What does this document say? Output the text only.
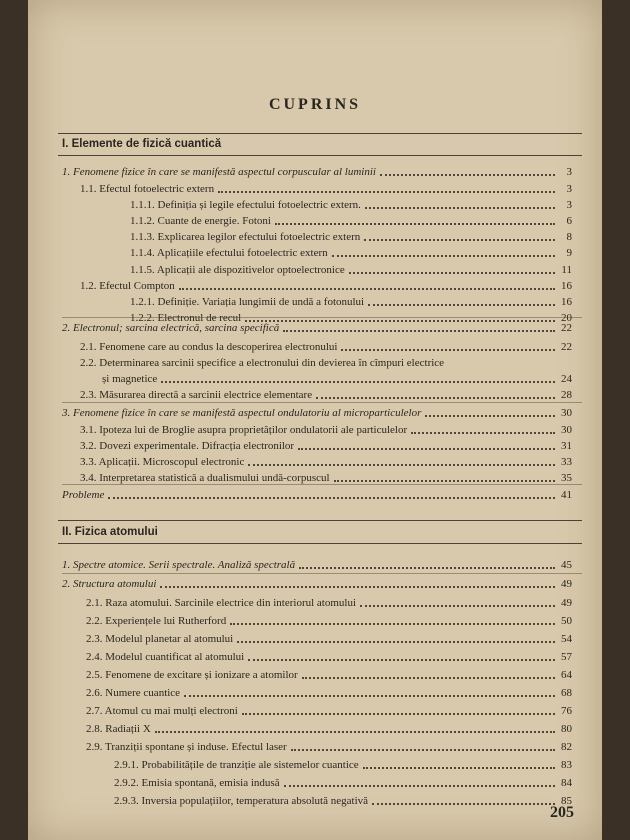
CUPRINS
I. Elemente de fizică cuantică
1. Fenomene fizice în care se manifestă aspectul corpuscular al luminii	3
1.1. Efectul fotoelectric extern	3
1.1.1. Definiția și legile efectului fotoelectric extern.	3
1.1.2. Cuante de energie. Fotoni	6
1.1.3. Explicarea legilor efectului fotoelectric extern	8
1.1.4. Aplicațiile efectului fotoelectric extern	9
1.1.5. Aplicații ale dispozitivelor optoelectronice	11
1.2. Efectul Compton	16
1.2.1. Definiție. Variația lungimii de undă a fotonului	16
1.2.2. Electronul de recul	20
2. Electronul; sarcina electrică, sarcina specifică	22
2.1. Fenomene care au condus la descoperirea electronului	22
2.2. Determinarea sarcinii specifice a electronului din devierea în cîmpuri electrice
și magnetice	24
2.3. Măsurarea directă a sarcinii electrice elementare	28
3. Fenomene fizice în care se manifestă aspectul ondulatoriu al microparticulelor	30
3.1. Ipoteza lui de Broglie asupra proprietăților ondulatorii ale particulelor	30
3.2. Dovezi experimentale. Difracția electronilor	31
3.3. Aplicații. Microscopul electronic	33
3.4. Interpretarea statistică a dualismului undă-corpuscul	35
Probleme	41
II. Fizica atomului
1. Spectre atomice. Serii spectrale. Analiză spectrală	45
2. Structura atomului	49
2.1. Raza atomului. Sarcinile electrice din interiorul atomului	49
2.2. Experiențele lui Rutherford	50
2.3. Modelul planetar al atomului	54
2.4. Modelul cuantificat al atomului	57
2.5. Fenomene de excitare și ionizare a atomilor	64
2.6. Numere cuantice	68
2.7. Atomul cu mai mulți electroni	76
2.8. Radiații X	80
2.9. Tranziții spontane și induse. Efectul laser	82
2.9.1. Probabilitățile de tranziție ale sistemelor cuantice	83
2.9.2. Emisia spontană, emisia indusă	84
2.9.3. Inversia populațiilor, temperatura absolută negativă	85
205
